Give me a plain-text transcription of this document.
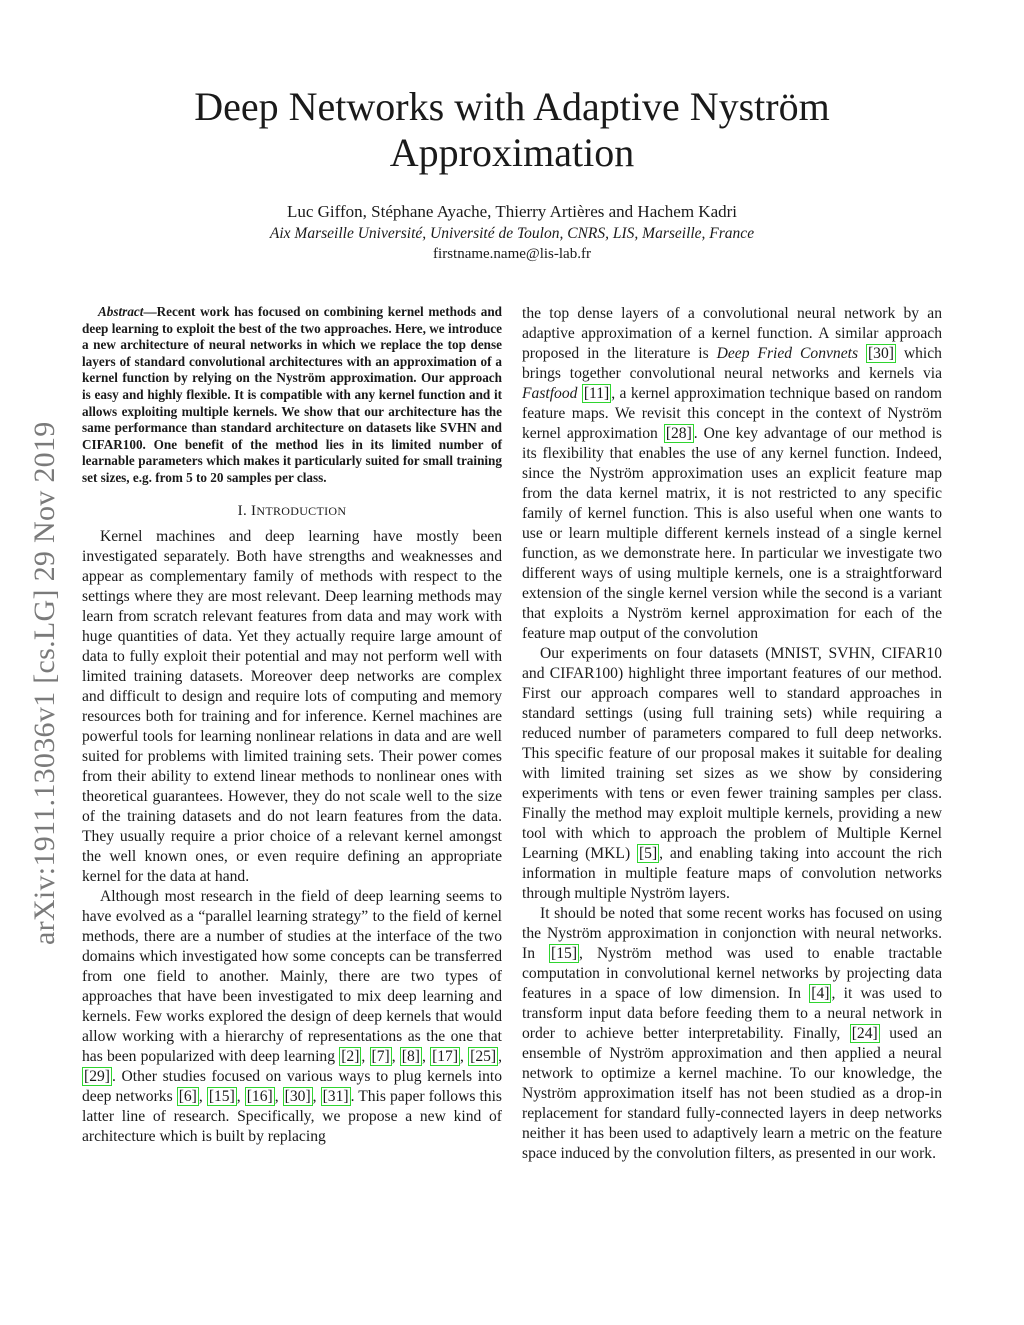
arXiv:1911.13036v1 [cs.LG] 29 Nov 2019
Deep Networks with Adaptive Nyström
Approximation
Luc Giffon, Stéphane Ayache, Thierry Artières and Hachem Kadri
Aix Marseille Université, Université de Toulon, CNRS, LIS, Marseille, France
firstname.name@lis-lab.fr

Abstract—Recent work has focused on combining kernel methods and deep learning to exploit the best of the two approaches. Here, we introduce a new architecture of neural networks in which we replace the top dense layers of standard convolutional architectures with an approximation of a kernel function by relying on the Nyström approximation. Our approach is easy and highly flexible. It is compatible with any kernel function and it allows exploiting multiple kernels. We show that our architecture has the same performance than standard architecture on datasets like SVHN and CIFAR100. One benefit of the method lies in its limited number of learnable parameters which makes it particularly suited for small training set sizes, e.g. from 5 to 20 samples per class.

I. INTRODUCTION

Kernel machines and deep learning have mostly been investigated separately. Both have strengths and weaknesses and appear as complementary family of methods with respect to the settings where they are most relevant. Deep learning methods may learn from scratch relevant features from data and may work with huge quantities of data. Yet they actually require large amount of data to fully exploit their potential and may not perform well with limited training datasets. Moreover deep networks are complex and difficult to design and require lots of computing and memory resources both for training and for inference. Kernel machines are powerful tools for learning nonlinear relations in data and are well suited for problems with limited training sets. Their power comes from their ability to extend linear methods to nonlinear ones with theoretical guarantees. However, they do not scale well to the size of the training datasets and do not learn features from the data. They usually require a prior choice of a relevant kernel amongst the well known ones, or even require defining an appropriate kernel for the data at hand.

Although most research in the field of deep learning seems to have evolved as a “parallel learning strategy” to the field of kernel methods, there are a number of studies at the interface of the two domains which investigated how some concepts can be transferred from one field to another. Mainly, there are two types of approaches that have been investigated to mix deep learning and kernels. Few works explored the design of deep kernels that would allow working with a hierarchy of representations as the one that has been popularized with deep learning [2] , [7] , [8] , [17] , [25] , [29] . Other studies focused on various ways to plug kernels into deep networks [6] , [15] , [16] , [30] , [31] . This paper follows this latter line of research. Specifically, we propose a new kind of architecture which is built by replacing

the top dense layers of a convolutional neural network by an adaptive approximation of a kernel function. A similar approach proposed in the literature is Deep Fried Convnets [30] which brings together convolutional neural networks and kernels via Fastfood [11] , a kernel approximation technique based on random feature maps. We revisit this concept in the context of Nyström kernel approximation [28] . One key advantage of our method is its flexibility that enables the use of any kernel function. Indeed, since the Nyström approximation uses an explicit feature map from the data kernel matrix, it is not restricted to any specific family of kernel function. This is also useful when one wants to use or learn multiple different kernels instead of a single kernel function, as we demonstrate here. In particular we investigate two different ways of using multiple kernels, one is a straightforward extension of the single kernel version while the second is a variant that exploits a Nyström kernel approximation for each of the feature map output of the convolution

Our experiments on four datasets (MNIST, SVHN, CIFAR10 and CIFAR100) highlight three important features of our method. First our approach compares well to standard approaches in standard settings (using full training sets) while requiring a reduced number of parameters compared to full deep networks. This specific feature of our proposal makes it suitable for dealing with limited training set sizes as we show by considering experiments with tens or even fewer training samples per class. Finally the method may exploit multiple kernels, providing a new tool with which to approach the problem of Multiple Kernel Learning (MKL) [5] , and enabling taking into account the rich information in multiple feature maps of convolution networks through multiple Nyström layers.

It should be noted that some recent works has focused on using the Nyström approximation in conjonction with neural networks. In [15] , Nyström method was used to enable tractable computation in convolutional kernel networks by projecting data features in a space of low dimension. In [4] , it was used to transform input data before feeding them to a neural network in order to achieve better interpretability. Finally, [24] used an ensemble of Nyström approximation and then applied a neural network to optimize a kernel machine. To our knowledge, the Nyström approximation itself has not been studied as a drop-in replacement for standard fully-connected layers in deep networks neither it has been used to adaptively learn a metric on the feature space induced by the convolution filters, as presented in our work.
